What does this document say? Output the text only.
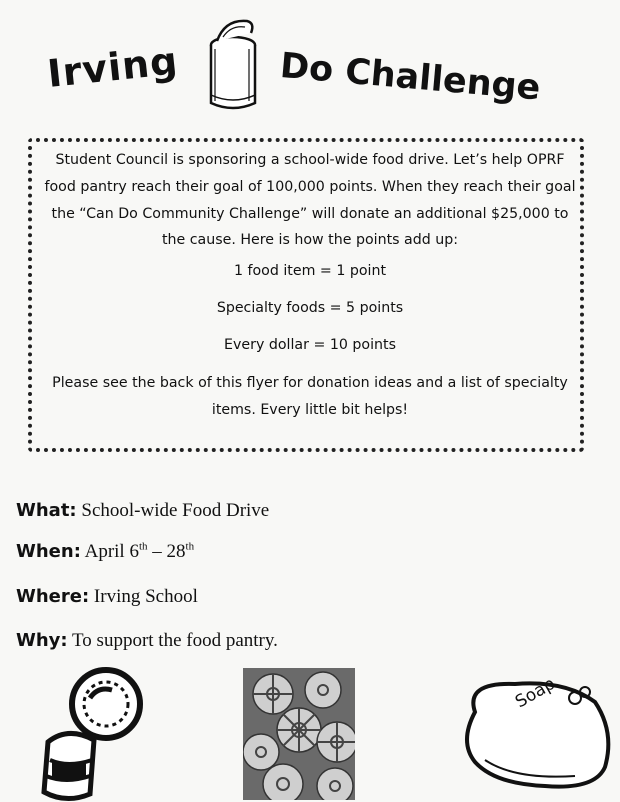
Irving	Do Challenge
Student Council is sponsoring a school-wide food drive. Let’s help OPRF food pantry reach their goal of 100,000 points. When they reach their goal the “Can Do Community Challenge” will donate an additional $25,000 to the cause. Here is how the points add up:
1 food item = 1 point
Specialty foods = 5 points
Every dollar = 10 points
Please see the back of this flyer for donation ideas and a list of specialty items. Every little bit helps!
What: School-wide Food Drive
When: April 6th – 28th
Where: Irving School
Why: To support the food pantry.
Soap
